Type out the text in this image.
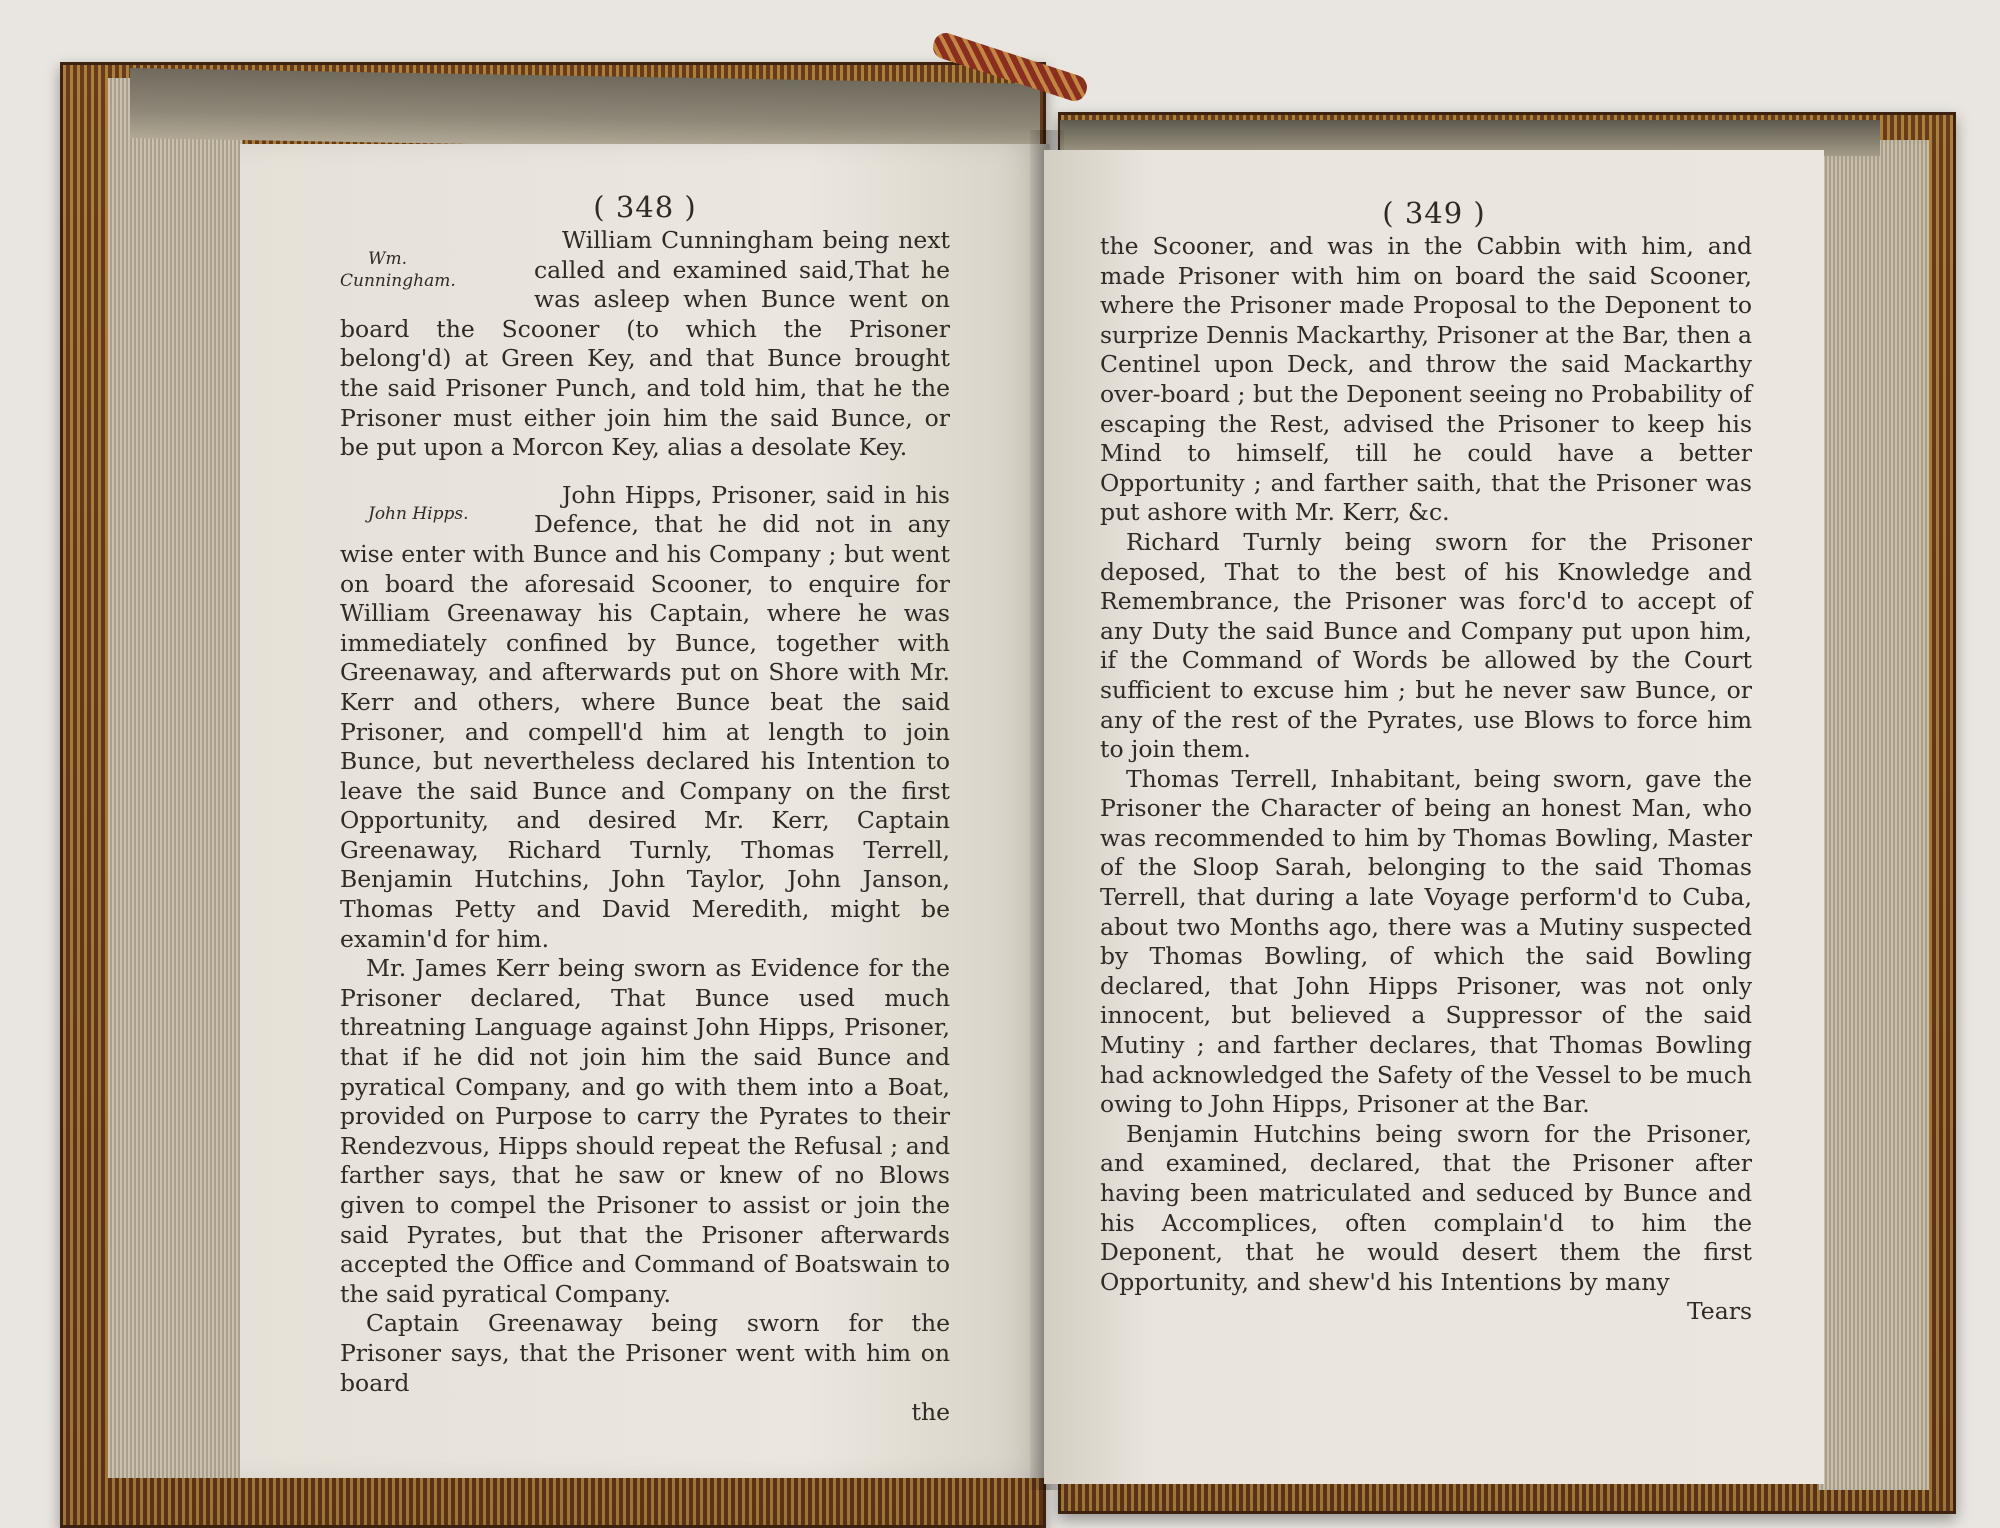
( 348 )

Wm. Cunningham.
William Cunningham being next called and examined said,That he was asleep when Bunce went on board the Scooner (to which the Prisoner belong'd) at Green Key, and that Bunce brought the said Prisoner Punch, and told him, that he the Prisoner must either join him the said Bunce, or be put upon a Morcon Key, alias a desolate Key.

John Hipps.
John Hipps, Prisoner, said in his Defence, that he did not in any wise enter with Bunce and his Company ; but went on board the aforesaid Scooner, to enquire for William Greenaway his Captain, where he was immediately confined by Bunce, together with Greenaway, and afterwards put on Shore with Mr. Kerr and others, where Bunce beat the said Prisoner, and compell'd him at length to join Bunce, but nevertheless declared his Intention to leave the said Bunce and Company on the first Opportunity, and desired Mr. Kerr, Captain Greenaway, Richard Turnly, Thomas Terrell, Benjamin Hutchins, John Taylor, John Janson, Thomas Petty and David Meredith, might be examin'd for him.

Mr. James Kerr being sworn as Evidence for the Prisoner declared, That Bunce used much threatning Language against John Hipps, Prisoner, that if he did not join him the said Bunce and pyratical Company, and go with them into a Boat, provided on Purpose to carry the Pyrates to their Rendezvous, Hipps should repeat the Refusal ; and farther says, that he saw or knew of no Blows given to compel the Prisoner to assist or join the said Pyrates, but that the Prisoner afterwards accepted the Office and Command of Boatswain to the said pyratical Company.

Captain Greenaway being sworn for the Prisoner says, that the Prisoner went with him on board

the
( 349 )

the Scooner, and was in the Cabbin with him, and made Prisoner with him on board the said Scooner, where the Prisoner made Proposal to the Deponent to surprize Dennis Mackarthy, Prisoner at the Bar, then a Centinel upon Deck, and throw the said Mackarthy over-board ; but the Deponent seeing no Probability of escaping the Rest, advised the Prisoner to keep his Mind to himself, till he could have a better Opportunity ; and farther saith, that the Prisoner was put ashore with Mr. Kerr, &c.

Richard Turnly being sworn for the Prisoner deposed, That to the best of his Knowledge and Remembrance, the Prisoner was forc'd to accept of any Duty the said Bunce and Company put upon him, if the Command of Words be allowed by the Court sufficient to excuse him ; but he never saw Bunce, or any of the rest of the Pyrates, use Blows to force him to join them.

Thomas Terrell, Inhabitant, being sworn, gave the Prisoner the Character of being an honest Man, who was recommended to him by Thomas Bowling, Master of the Sloop Sarah, belonging to the said Thomas Terrell, that during a late Voyage perform'd to Cuba, about two Months ago, there was a Mutiny suspected by Thomas Bowling, of which the said Bowling declared, that John Hipps Prisoner, was not only innocent, but believed a Suppressor of the said Mutiny ; and farther declares, that Thomas Bowling had acknowledged the Safety of the Vessel to be much owing to John Hipps, Prisoner at the Bar.

Benjamin Hutchins being sworn for the Prisoner, and examined, declared, that the Prisoner after having been matriculated and seduced by Bunce and his Accomplices, often complain'd to him the Deponent, that he would desert them the first Opportunity, and shew'd his Intentions by many

Tears
